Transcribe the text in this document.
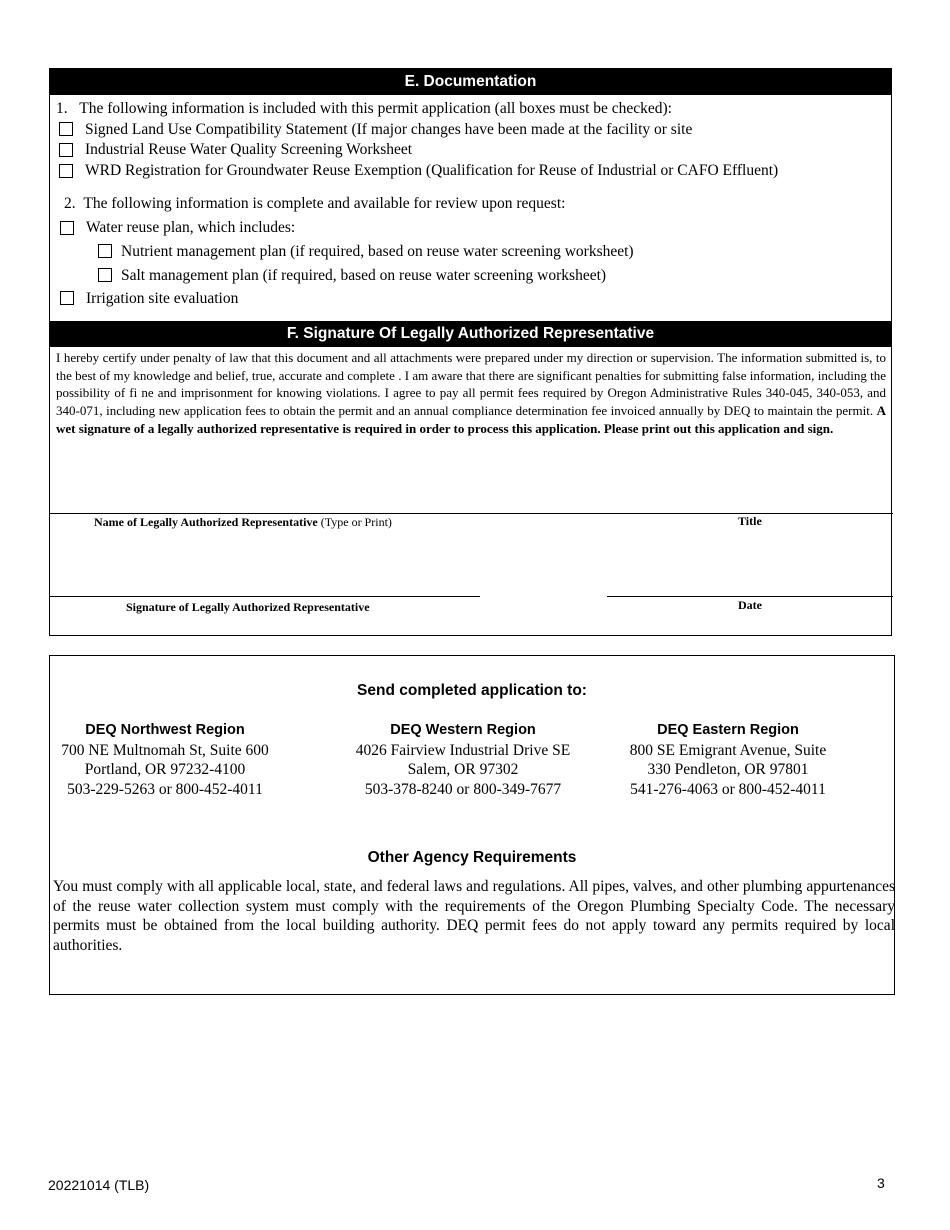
E. Documentation
1.   The following information is included with this permit application (all boxes must be checked):
Signed Land Use Compatibility Statement (If major changes have been made at the facility or site
Industrial Reuse Water Quality Screening Worksheet
WRD Registration for Groundwater Reuse Exemption (Qualification for Reuse of Industrial or CAFO Effluent)
2.  The following information is complete and available for review upon request:
Water reuse plan, which includes:
Nutrient management plan (if required, based on reuse water screening worksheet)
Salt management plan (if required, based on reuse water screening worksheet)
Irrigation site evaluation
F. Signature Of Legally Authorized Representative
I hereby certify under penalty of law that this document and all attachments were prepared under my direction or supervision. The information submitted is, to the best of my knowledge and belief, true, accurate and complete . I am aware that there are significant penalties for submitting false information, including the possibility of fi ne and imprisonment for knowing violations. I agree to pay all permit fees required by Oregon Administrative Rules 340-045, 340-053, and 340-071, including new application fees to obtain the permit and an annual compliance determination fee invoiced annually by DEQ to maintain the permit. A wet signature of a legally authorized representative is required in order to process this application. Please print out this application and sign.
Name of Legally Authorized Representative (Type or Print)	Title
Signature of Legally Authorized Representative	Date
Send completed application to:
DEQ Northwest Region
700 NE Multnomah St, Suite 600
Portland, OR 97232-4100
503-229-5263 or 800-452-4011
DEQ Western Region
4026 Fairview Industrial Drive SE
Salem, OR 97302
503-378-8240 or 800-349-7677
DEQ Eastern Region
800 SE Emigrant Avenue, Suite
330 Pendleton, OR 97801
541-276-4063 or 800-452-4011
Other Agency Requirements
You must comply with all applicable local, state, and federal laws and regulations. All pipes, valves, and other plumbing appurtenances of the reuse water collection system must comply with the requirements of the Oregon Plumbing Specialty Code. The necessary permits must be obtained from the local building authority. DEQ permit fees do not apply toward any permits required by local authorities.
20221014 (TLB)	3
